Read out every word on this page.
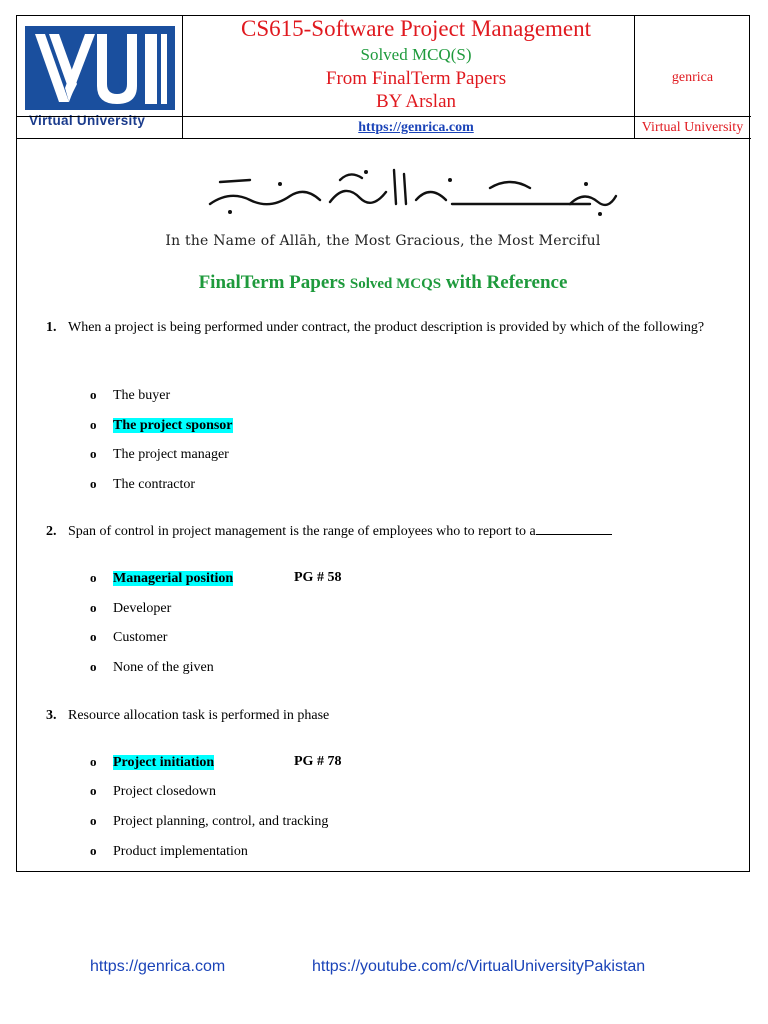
Virtual University
CS615-Software Project Management
Solved MCQ(S)
From FinalTerm Papers
BY Arslan
https://genrica.com
genrica
Virtual University
In the Name of Allāh, the Most Gracious, the Most Merciful
FinalTerm Papers Solved MCQS with Reference
1. When a project is being performed under contract, the product description is provided by which of the following?
o The buyer
o The project sponsor
o The project manager
o The contractor
2. Span of control in project management is the range of employees who to report to a
o Managerial position	PG # 58
o Developer
o Customer
o None of the given
3. Resource allocation task is performed in phase
o Project initiation	PG # 78
o Project closedown
o Project planning, control, and tracking
o Product implementation
https://genrica.com	https://youtube.com/c/VirtualUniversityPakistan
